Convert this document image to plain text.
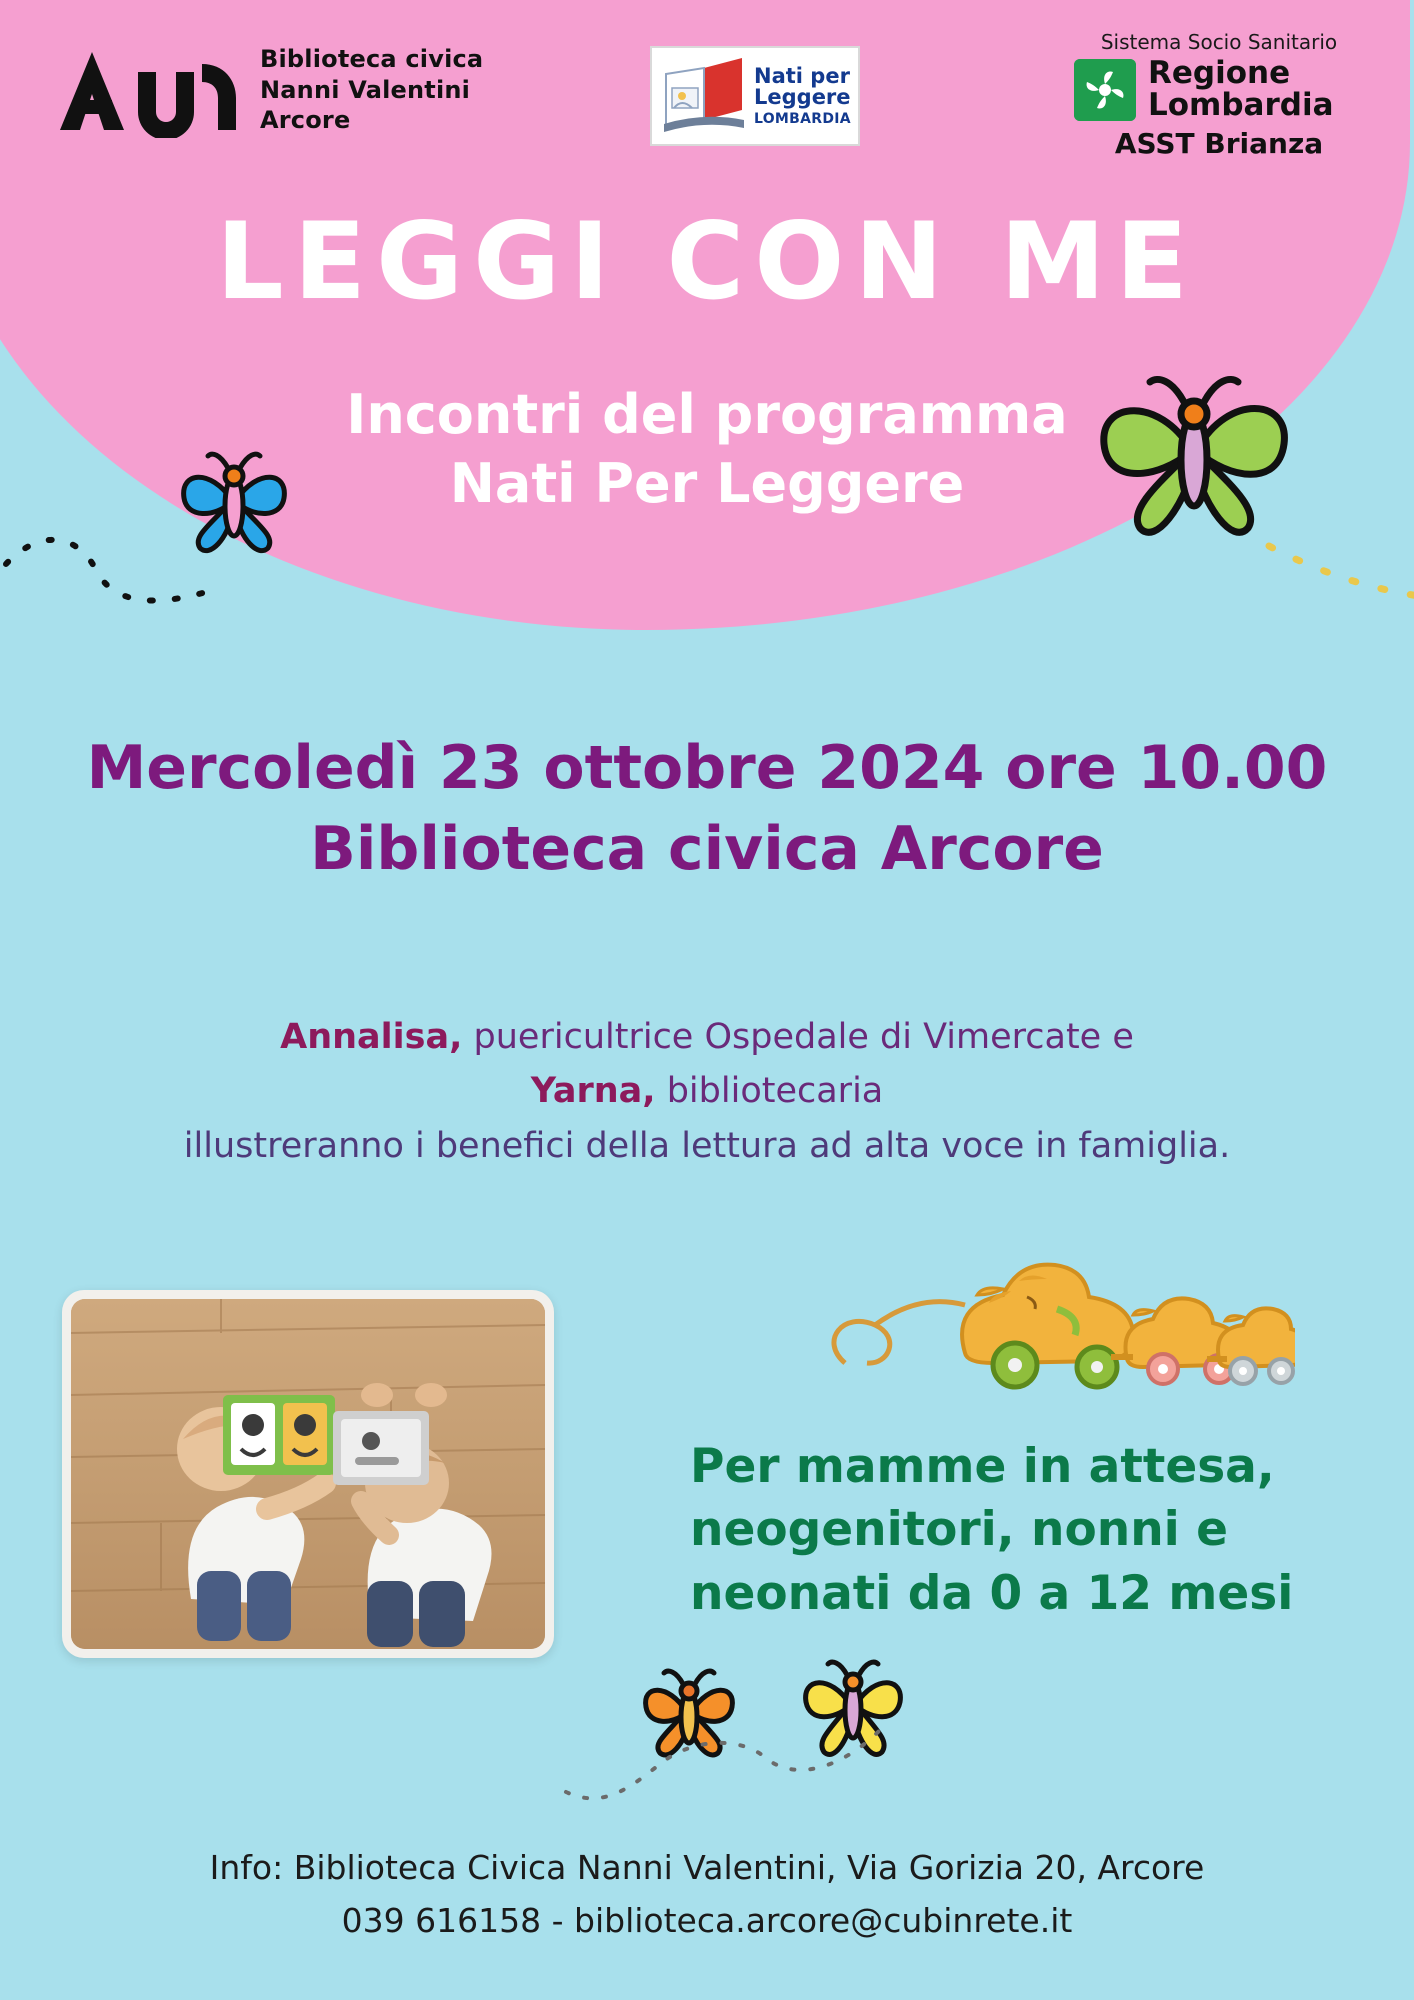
Biblioteca civica
Nanni Valentini
Arcore
Nati per
Leggere
LOMBARDIA
Sistema Socio Sanitario
Regione
Lombardia
ASST Brianza
LEGGI CON ME
Incontri del programma
Nati Per Leggere
Mercoledì 23 ottobre 2024 ore 10.00
Biblioteca civica Arcore
Annalisa, puericultrice Ospedale di Vimercate e
Yarna, bibliotecaria
illustreranno i benefici della lettura ad alta voce in famiglia.
Per mamme in attesa, neogenitori, nonni e neonati da 0 a 12 mesi
Info: Biblioteca Civica Nanni Valentini, Via Gorizia 20, Arcore
039 616158 - biblioteca.arcore@cubinrete.it
